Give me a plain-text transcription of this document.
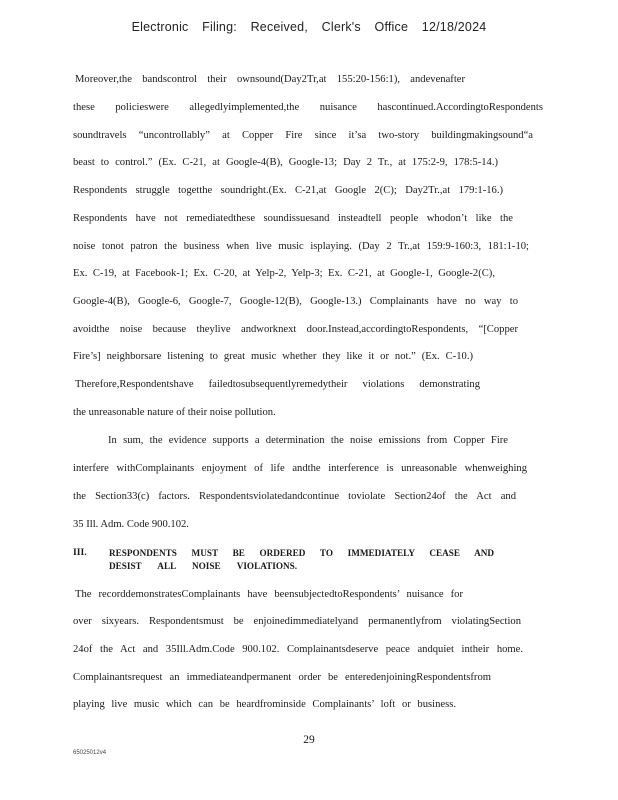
Electronic Filing: Received, Clerk's Office 12/18/2024
Moreover,the bandscontrol their ownsound(Day2Tr,at 155:20-156:1), andevenafter
these policieswere allegedlyimplemented,the nuisance hascontinued.AccordingtoRespondents
soundtravels “uncontrollably” at Copper Fire since it’sa two-story buildingmakingsound“a
beast to control.” (Ex. C-21, at Google-4(B), Google-13; Day 2 Tr., at 175:2-9, 178:5-14.)
Respondents struggle togetthe soundright.(Ex. C-21,at Google 2(C); Day2Tr.,at 179:1-16.)
Respondents have not remediatedthese soundissuesand insteadtell people whodon’t like the
noise tonot patron the business when live music isplaying. (Day 2 Tr.,at 159:9-160:3, 181:1-10;
Ex. C-19, at Facebook-1; Ex. C-20, at Yelp-2, Yelp-3; Ex. C-21, at Google-1, Google-2(C),
Google-4(B), Google-6, Google-7, Google-12(B), Google-13.) Complainants have no way to
avoidthe noise because theylive andworknext door.Instead,accordingtoRespondents, “[Copper
Fire’s] neighborsare listening to great music whether they like it or not.” (Ex. C-10.)
Therefore,Respondentshave failedtosubsequentlyremedytheir violations demonstrating
the unreasonable nature of their noise pollution.
In sum, the evidence supports a determination the noise emissions from Copper Fire
interfere withComplainants enjoyment of life andthe interference is unreasonable whenweighing
the Section33(c) factors. Respondentsviolatedandcontinue toviolate Section24of the Act and
35 Ill. Adm. Code 900.102.
III. RESPONDENTS MUST BE ORDERED TO IMMEDIATELY CEASE AND
DESIST ALL NOISE VIOLATIONS.
The recorddemonstratesComplainants have beensubjectedtoRespondents’ nuisance for
over sixyears. Respondentsmust be enjoinedimmediatelyand permanentlyfrom violatingSection
24of the Act and 35Ill.Adm.Code 900.102. Complainantsdeserve peace andquiet intheir home.
Complainantsrequest an immediateandpermanent order be enteredenjoiningRespondentsfrom
playing live music which can be heardfrominside Complainants’ loft or business.
29
65025012v4
